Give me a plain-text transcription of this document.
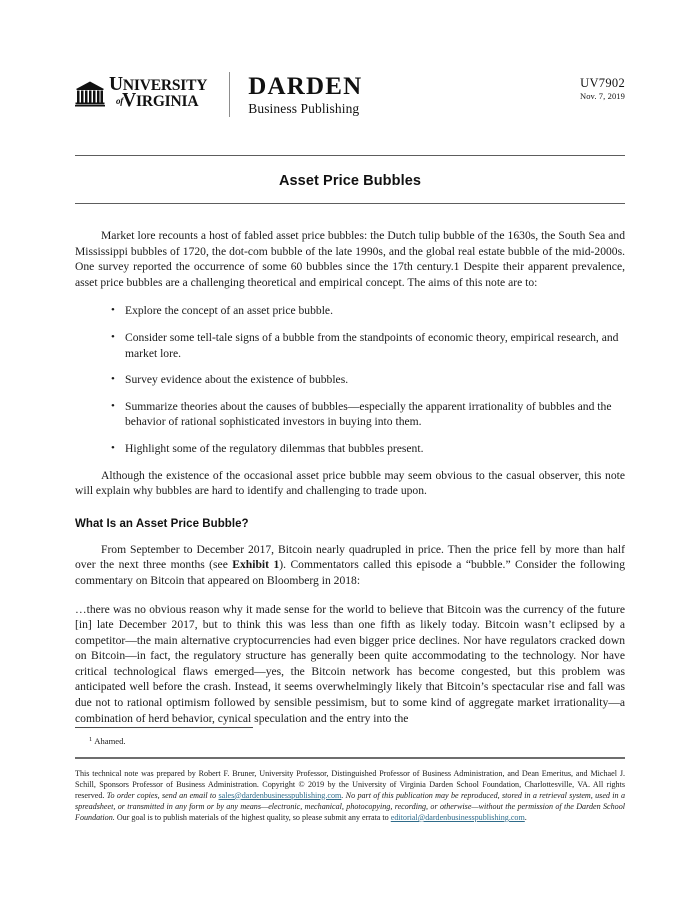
UNIVERSITY
ofVIRGINIA
DARDEN
Business Publishing
UV7902
Nov. 7, 2019
Asset Price Bubbles

Market lore recounts a host of fabled asset price bubbles: the Dutch tulip bubble of the 1630s, the South Sea and Mississippi bubbles of 1720, the dot-com bubble of the late 1990s, and the global real estate bubble of the mid-2000s. One survey reported the occurrence of some 60 bubbles since the 17th century.1 Despite their apparent prevalence, asset price bubbles are a challenging theoretical and empirical concept. The aims of this note are to:

• Explore the concept of an asset price bubble.
• Consider some tell-tale signs of a bubble from the standpoints of economic theory, empirical research, and market lore.
• Survey evidence about the existence of bubbles.
• Summarize theories about the causes of bubbles—especially the apparent irrationality of bubbles and the behavior of rational sophisticated investors in buying into them.
• Highlight some of the regulatory dilemmas that bubbles present.

Although the existence of the occasional asset price bubble may seem obvious to the casual observer, this note will explain why bubbles are hard to identify and challenging to trade upon.

What Is an Asset Price Bubble?

From September to December 2017, Bitcoin nearly quadrupled in price. Then the price fell by more than half over the next three months (see Exhibit 1). Commentators called this episode a “bubble.” Consider the following commentary on Bitcoin that appeared on Bloomberg in 2018:

…there was no obvious reason why it made sense for the world to believe that Bitcoin was the currency of the future [in] late December 2017, but to think this was less than one fifth as likely today. Bitcoin wasn’t eclipsed by a competitor—the main alternative cryptocurrencies had even bigger price declines. Nor have regulators cracked down on Bitcoin—in fact, the regulatory structure has generally been quite accommodating to the technology. Nor have critical technological flaws emerged—yes, the Bitcoin network has become congested, but this problem was anticipated well before the crash. Instead, it seems overwhelmingly likely that Bitcoin’s spectacular rise and fall was due not to rational optimism followed by sensible pessimism, but to some kind of aggregate market irrationality—a combination of herd behavior, cynical speculation and the entry into the

$^1$ Ahamed.
This technical note was prepared by Robert F. Bruner, University Professor, Distinguished Professor of Business Administration, and Dean Emeritus, and Michael J. Schill, Sponsors Professor of Business Administration. Copyright © 2019 by the University of Virginia Darden School Foundation, Charlottesville, VA. All rights reserved. To order copies, send an email to sales@dardenbusinesspublishing.com. No part of this publication may be reproduced, stored in a retrieval system, used in a spreadsheet, or transmitted in any form or by any means—electronic, mechanical, photocopying, recording, or otherwise—without the permission of the Darden School Foundation. Our goal is to publish materials of the highest quality, so please submit any errata to editorial@dardenbusinesspublishing.com.
